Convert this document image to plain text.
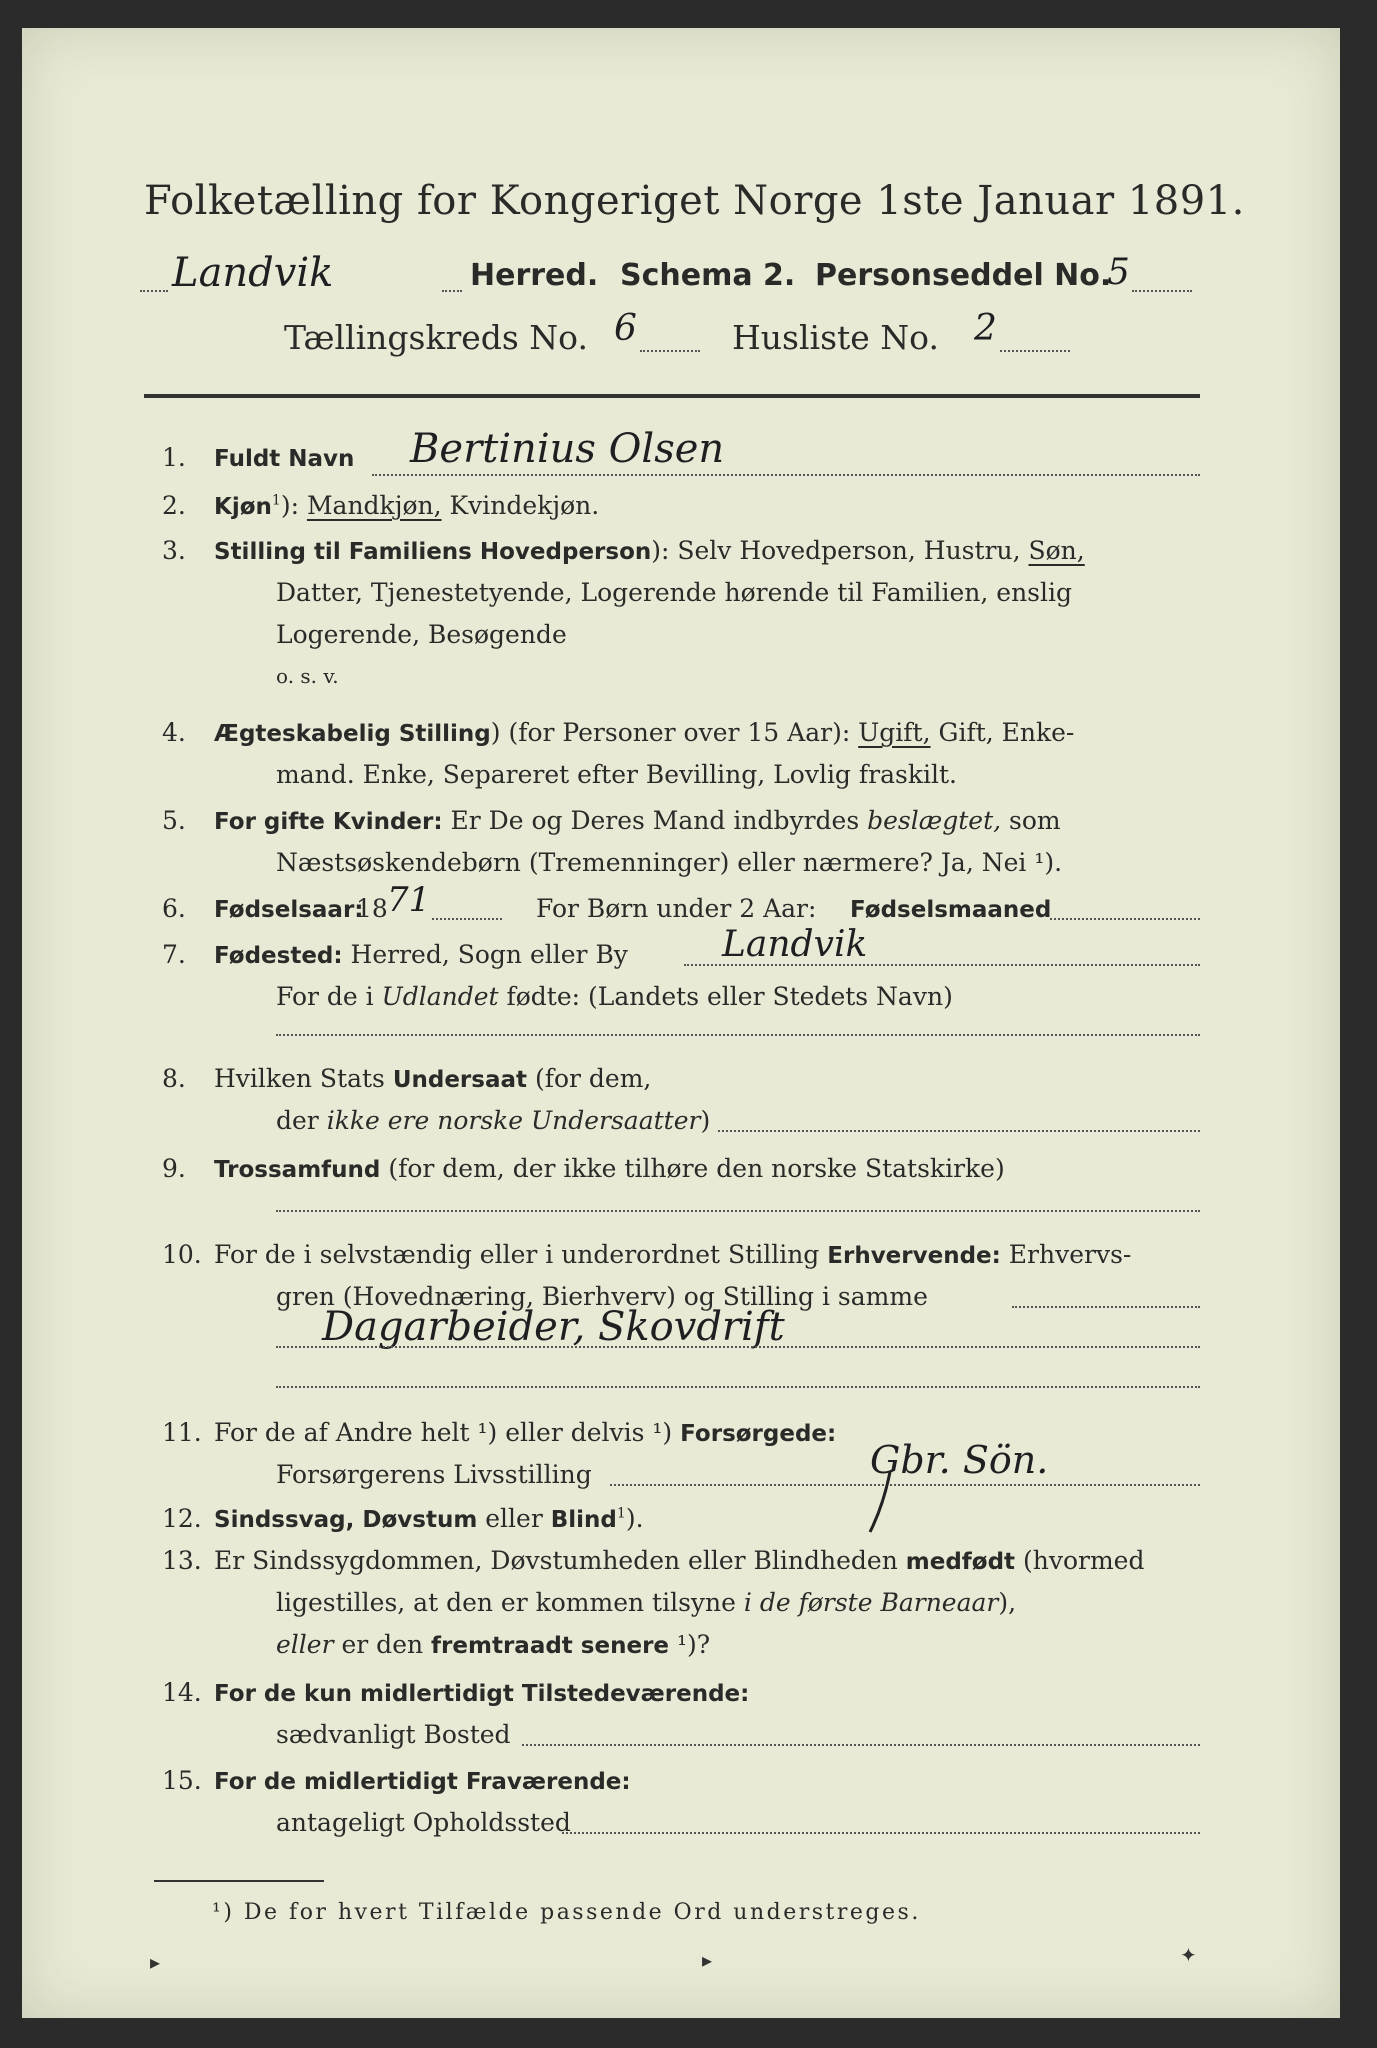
Folketælling for Kongeriget Norge 1ste Januar 1891.
Landvik	Herred. Schema 2. Personseddel No.
5
Tællingskreds No. 6	Husliste No. 2
1. Fuldt Navn Bertinius Olsen
2. Kjøn$^1$): Mandkjøn, Kvindekjøn.
3. Stilling til Familiens Hovedperson): Selv Hovedperson, Hustru, Søn,
Datter, Tjenestetyende, Logerende hørende til Familien, enslig
Logerende, Besøgende
o. s. v.
4. Ægteskabelig Stilling) (for Personer over 15 Aar): Ugift, Gift, Enke-
mand. Enke, Separeret efter Bevilling, Lovlig fraskilt.
5. For gifte Kvinder: Er De og Deres Mand indbyrdes beslægtet, som
Næstsøskendebørn (Tremenninger) eller nærmere? Ja, Nei ¹).
6. Fødselsaar:
18 71	For Børn under 2 Aar: Fødselsmaaned
7. Fødested: Herred, Sogn eller By	Landvik
For de i Udlandet fødte: (Landets eller Stedets Navn)
8. Hvilken Stats Undersaat (for dem,
der ikke ere norske Undersaatter)
9. Trossamfund (for dem, der ikke tilhøre den norske Statskirke)
10. For de i selvstændig eller i underordnet Stilling Erhvervende: Erhvervs-
gren (Hovednæring, Bierhverv) og Stilling i samme
Dagarbeider, Skovdrift
11. For de af Andre helt ¹) eller delvis ¹) Forsørgede:
Forsørgerens Livsstilling	Gbr. Sön.
12. Sindssvag, Døvstum eller Blind$^1$).
13. Er Sindssygdommen, Døvstumheden eller Blindheden medfødt (hvormed
ligestilles, at den er kommen tilsyne i de første Barneaar),
eller er den fremtraadt senere ¹)?
14. For de kun midlertidigt Tilstedeværende:
sædvanligt Bosted
15. For de midlertidigt Fraværende:
antageligt Opholdssted
¹) De for hvert Tilfælde passende Ord understreges.
▸	▸	✦
